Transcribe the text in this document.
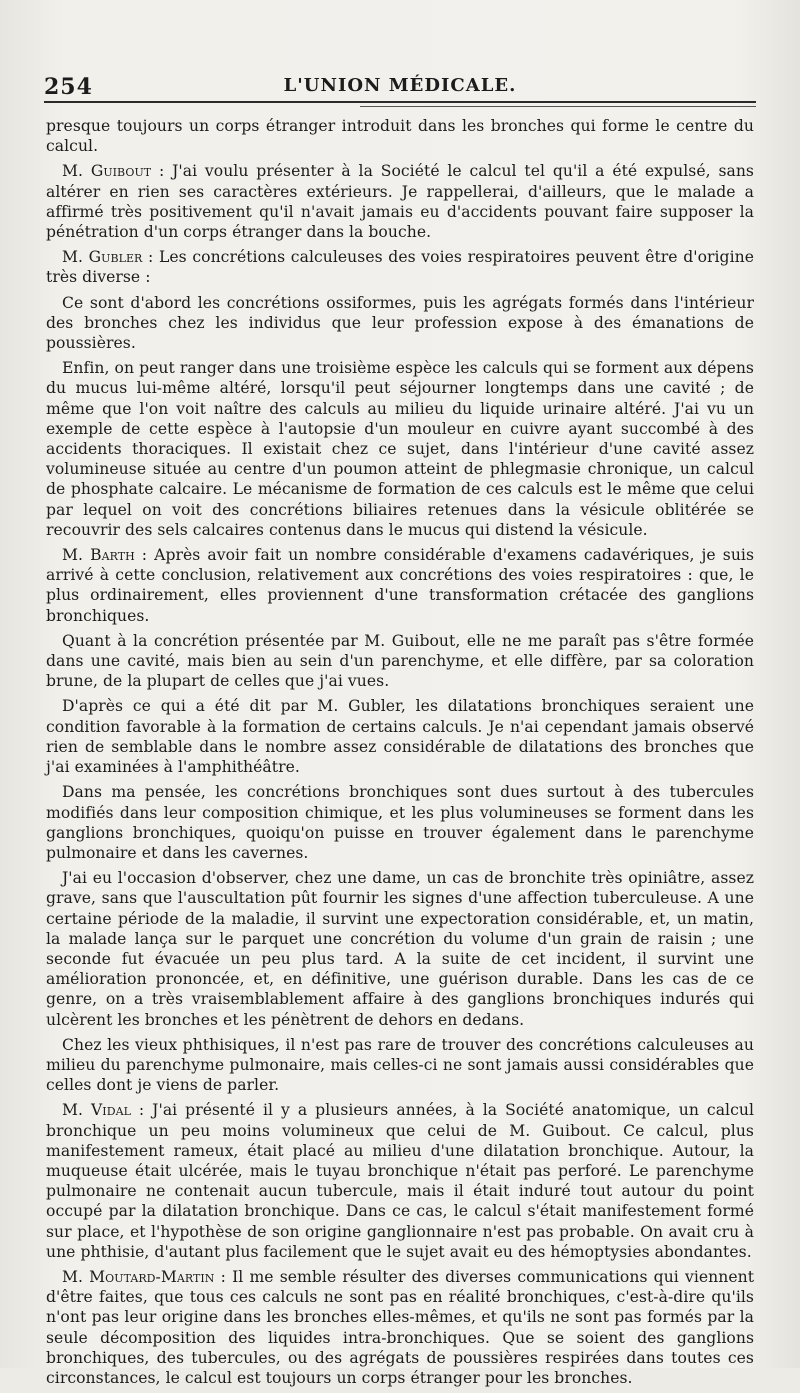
254	L'UNION MÉDICALE.

presque toujours un corps étranger introduit dans les bronches qui forme le centre du calcul.

M. Guibout : J'ai voulu présenter à la Société le calcul tel qu'il a été expulsé, sans altérer en rien ses caractères extérieurs. Je rappellerai, d'ailleurs, que le malade a affirmé très positivement qu'il n'avait jamais eu d'accidents pouvant faire supposer la pénétration d'un corps étranger dans la bouche.

M. Gubler : Les concrétions calculeuses des voies respiratoires peuvent être d'origine très diverse :

Ce sont d'abord les concrétions ossiformes, puis les agrégats formés dans l'intérieur des bronches chez les individus que leur profession expose à des émanations de poussières.

Enfin, on peut ranger dans une troisième espèce les calculs qui se forment aux dépens du mucus lui-même altéré, lorsqu'il peut séjourner longtemps dans une cavité ; de même que l'on voit naître des calculs au milieu du liquide urinaire altéré. J'ai vu un exemple de cette espèce à l'autopsie d'un mouleur en cuivre ayant succombé à des accidents thoraciques. Il existait chez ce sujet, dans l'intérieur d'une cavité assez volumineuse située au centre d'un poumon atteint de phlegmasie chronique, un calcul de phosphate calcaire. Le mécanisme de formation de ces calculs est le même que celui par lequel on voit des concrétions biliaires retenues dans la vésicule oblitérée se recouvrir des sels calcaires contenus dans le mucus qui distend la vésicule.

M. Barth : Après avoir fait un nombre considérable d'examens cadavériques, je suis arrivé à cette conclusion, relativement aux concrétions des voies respiratoires : que, le plus ordinairement, elles proviennent d'une transformation crétacée des ganglions bronchiques.

Quant à la concrétion présentée par M. Guibout, elle ne me paraît pas s'être formée dans une cavité, mais bien au sein d'un parenchyme, et elle diffère, par sa coloration brune, de la plupart de celles que j'ai vues.

D'après ce qui a été dit par M. Gubler, les dilatations bronchiques seraient une condition favorable à la formation de certains calculs. Je n'ai cependant jamais observé rien de semblable dans le nombre assez considérable de dilatations des bronches que j'ai examinées à l'amphithéâtre.

Dans ma pensée, les concrétions bronchiques sont dues surtout à des tubercules modifiés dans leur composition chimique, et les plus volumineuses se forment dans les ganglions bronchiques, quoiqu'on puisse en trouver également dans le parenchyme pulmonaire et dans les cavernes.

J'ai eu l'occasion d'observer, chez une dame, un cas de bronchite très opiniâtre, assez grave, sans que l'auscultation pût fournir les signes d'une affection tuberculeuse. A une certaine période de la maladie, il survint une expectoration considérable, et, un matin, la malade lança sur le parquet une concrétion du volume d'un grain de raisin ; une seconde fut évacuée un peu plus tard. A la suite de cet incident, il survint une amélioration prononcée, et, en définitive, une guérison durable. Dans les cas de ce genre, on a très vraisemblablement affaire à des ganglions bronchiques indurés qui ulcèrent les bronches et les pénètrent de dehors en dedans.

Chez les vieux phthisiques, il n'est pas rare de trouver des concrétions calculeuses au milieu du parenchyme pulmonaire, mais celles-ci ne sont jamais aussi considérables que celles dont je viens de parler.

M. Vidal : J'ai présenté il y a plusieurs années, à la Société anatomique, un calcul bronchique un peu moins volumineux que celui de M. Guibout. Ce calcul, plus manifestement rameux, était placé au milieu d'une dilatation bronchique. Autour, la muqueuse était ulcérée, mais le tuyau bronchique n'était pas perforé. Le parenchyme pulmonaire ne contenait aucun tubercule, mais il était induré tout autour du point occupé par la dilatation bronchique. Dans ce cas, le calcul s'était manifestement formé sur place, et l'hypothèse de son origine ganglionnaire n'est pas probable. On avait cru à une phthisie, d'autant plus facilement que le sujet avait eu des hémoptysies abondantes.

M. Moutard-Martin : Il me semble résulter des diverses communications qui viennent d'être faites, que tous ces calculs ne sont pas en réalité bronchiques, c'est-à-dire qu'ils n'ont pas leur origine dans les bronches elles-mêmes, et qu'ils ne sont pas formés par la seule décomposition des liquides intra-bronchiques. Que se soient des ganglions bronchiques, des tubercules, ou des agrégats de poussières respirées dans toutes ces circonstances, le calcul est toujours un corps étranger pour les bronches.
